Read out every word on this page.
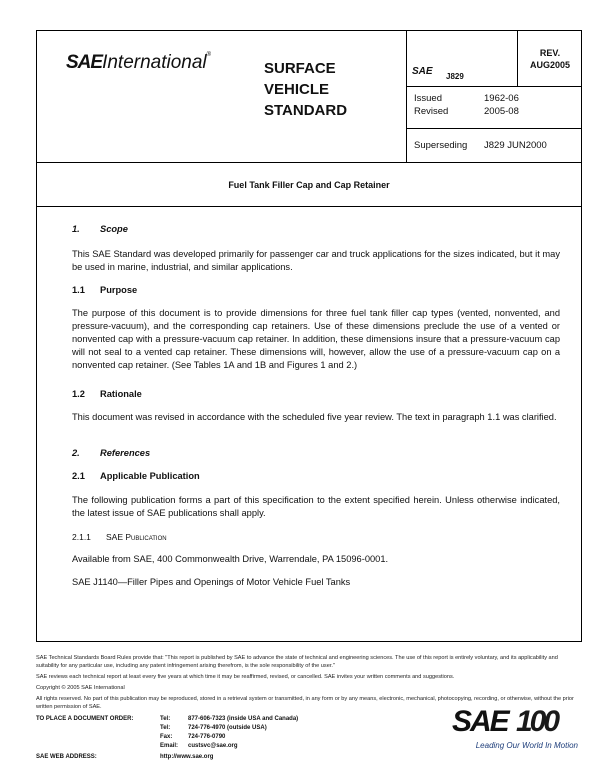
SAEInternational®
SURFACE
VEHICLE
STANDARD
SAE J829
REV.
AUG2005
Issued	1962-06
Revised	2005-08
Superseding J829 JUN2000
Fuel Tank Filler Cap and Cap Retainer
1. Scope
This SAE Standard was developed primarily for passenger car and truck applications for the sizes indicated, but it may be used in marine, industrial, and similar applications.
1.1 Purpose
The purpose of this document is to provide dimensions for three fuel tank filler cap types (vented, nonvented, and pressure-vacuum), and the corresponding cap retainers. Use of these dimensions preclude the use of a vented or nonvented cap with a pressure-vacuum cap retainer. In addition, these dimensions insure that a pressure-vacuum cap will not seal to a vented cap retainer. These dimensions will, however, allow the use of a pressure-vacuum cap on a nonvented cap retainer. (See Tables 1A and 1B and Figures 1 and 2.)
1.2 Rationale
This document was revised in accordance with the scheduled five year review. The text in paragraph 1.1 was clarified.
2. References
2.1 Applicable Publication
The following publication forms a part of this specification to the extent specified herein. Unless otherwise indicated, the latest issue of SAE publications shall apply.
2.1.1 SAE Publication
Available from SAE, 400 Commonwealth Drive, Warrendale, PA 15096-0001.
SAE J1140—Filler Pipes and Openings of Motor Vehicle Fuel Tanks
SAE Technical Standards Board Rules provide that: "This report is published by SAE to advance the state of technical and engineering sciences. The use of this report is entirely voluntary, and its applicability and suitability for any particular use, including any patent infringement arising therefrom, is the sole responsibility of the user."
SAE reviews each technical report at least every five years at which time it may be reaffirmed, revised, or cancelled. SAE invites your written comments and suggestions.
Copyright © 2005 SAE International
All rights reserved. No part of this publication may be reproduced, stored in a retrieval system or transmitted, in any form or by any means, electronic, mechanical, photocopying, recording, or otherwise, without the prior written permission of SAE.
TO PLACE A DOCUMENT ORDER:	Tel:	877-606-7323 (inside USA and Canada)
Tel:	724-776-4970 (outside USA)
Fax:	724-776-0790
Email: custsvc@sae.org
SAE WEB ADDRESS:	http://www.sae.org
SAE 100
Leading Our World In Motion
